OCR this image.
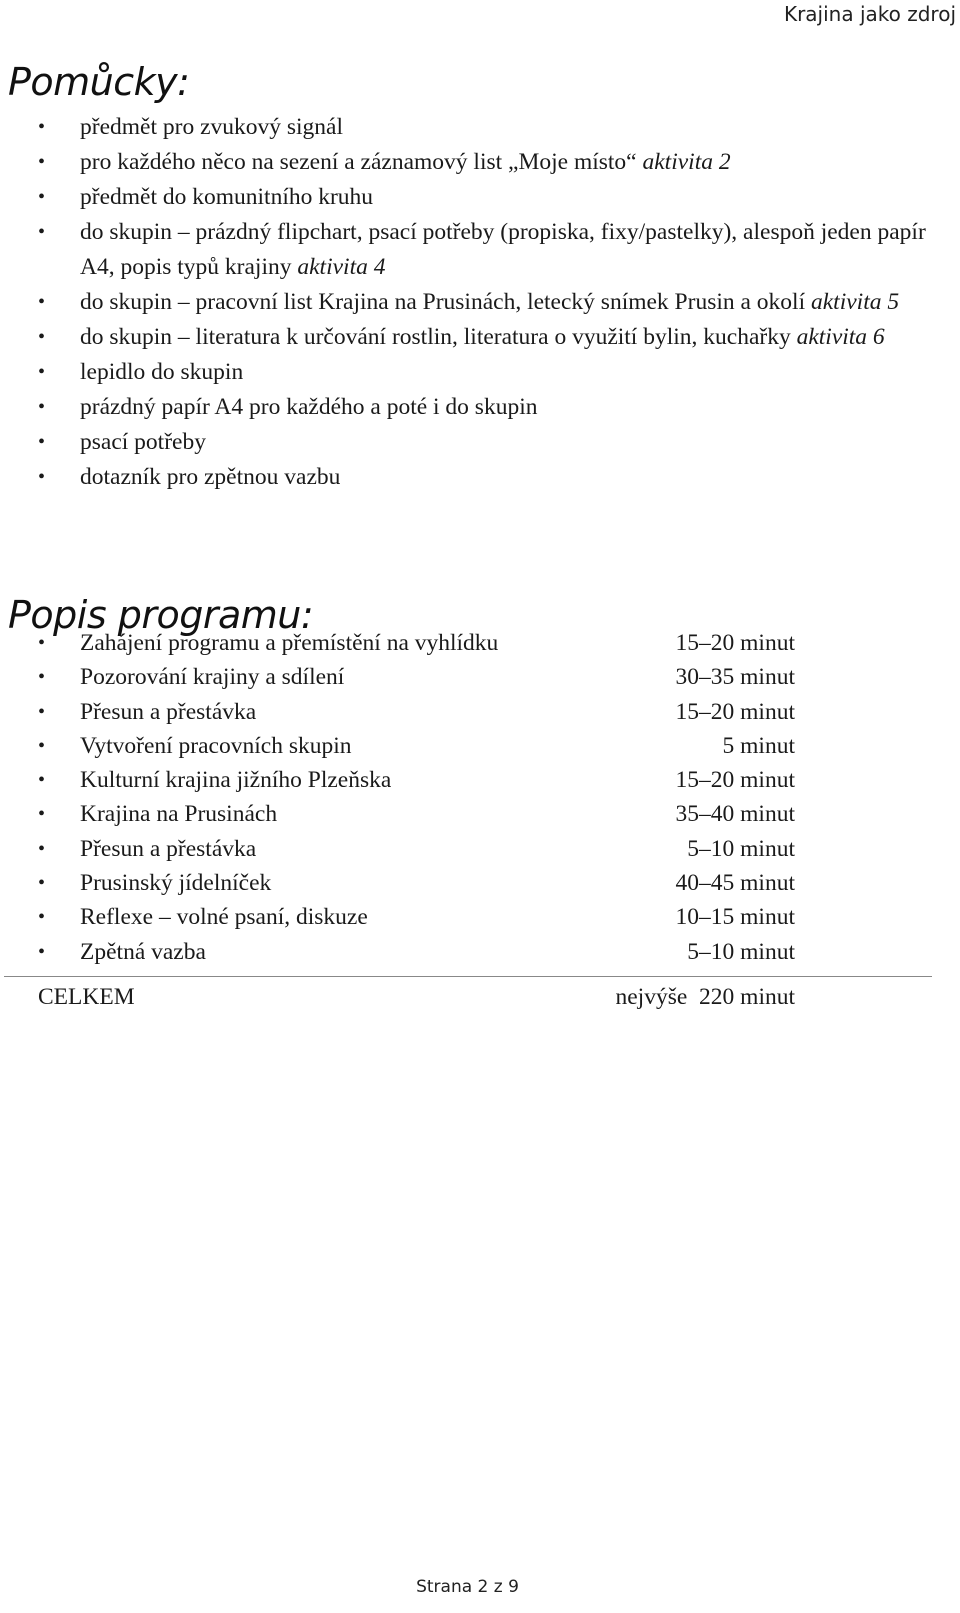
Krajina jako zdroj
Pomůcky:
• předmět pro zvukový signál
• pro každého něco na sezení a záznamový list „Moje místo“ aktivita 2
• předmět do komunitního kruhu
• do skupin – prázdný flipchart, psací potřeby (propiska, fixy/pastelky), alespoň jeden papír A4, popis typů krajiny aktivita 4
• do skupin – pracovní list Krajina na Prusinách, letecký snímek Prusin a okolí aktivita 5
• do skupin – literatura k určování rostlin, literatura o využití bylin, kuchařky aktivita 6
• lepidlo do skupin
• prázdný papír A4 pro každého a poté i do skupin
• psací potřeby
• dotazník pro zpětnou vazbu
Popis programu:
• Zahájení programu a přemístění na vyhlídku	15–20 minut
• Pozorování krajiny a sdílení	30–35 minut
• Přesun a přestávka	15–20 minut
• Vytvoření pracovních skupin	5 minut
• Kulturní krajina jižního Plzeňska	15–20 minut
• Krajina na Prusinách	35–40 minut
• Přesun a přestávka	5–10 minut
• Prusinský jídelníček	40–45 minut
• Reflexe – volné psaní, diskuze	10–15 minut
• Zpětná vazba	5–10 minut
CELKEM	nejvýše  220 minut
Strana 2 z 9
